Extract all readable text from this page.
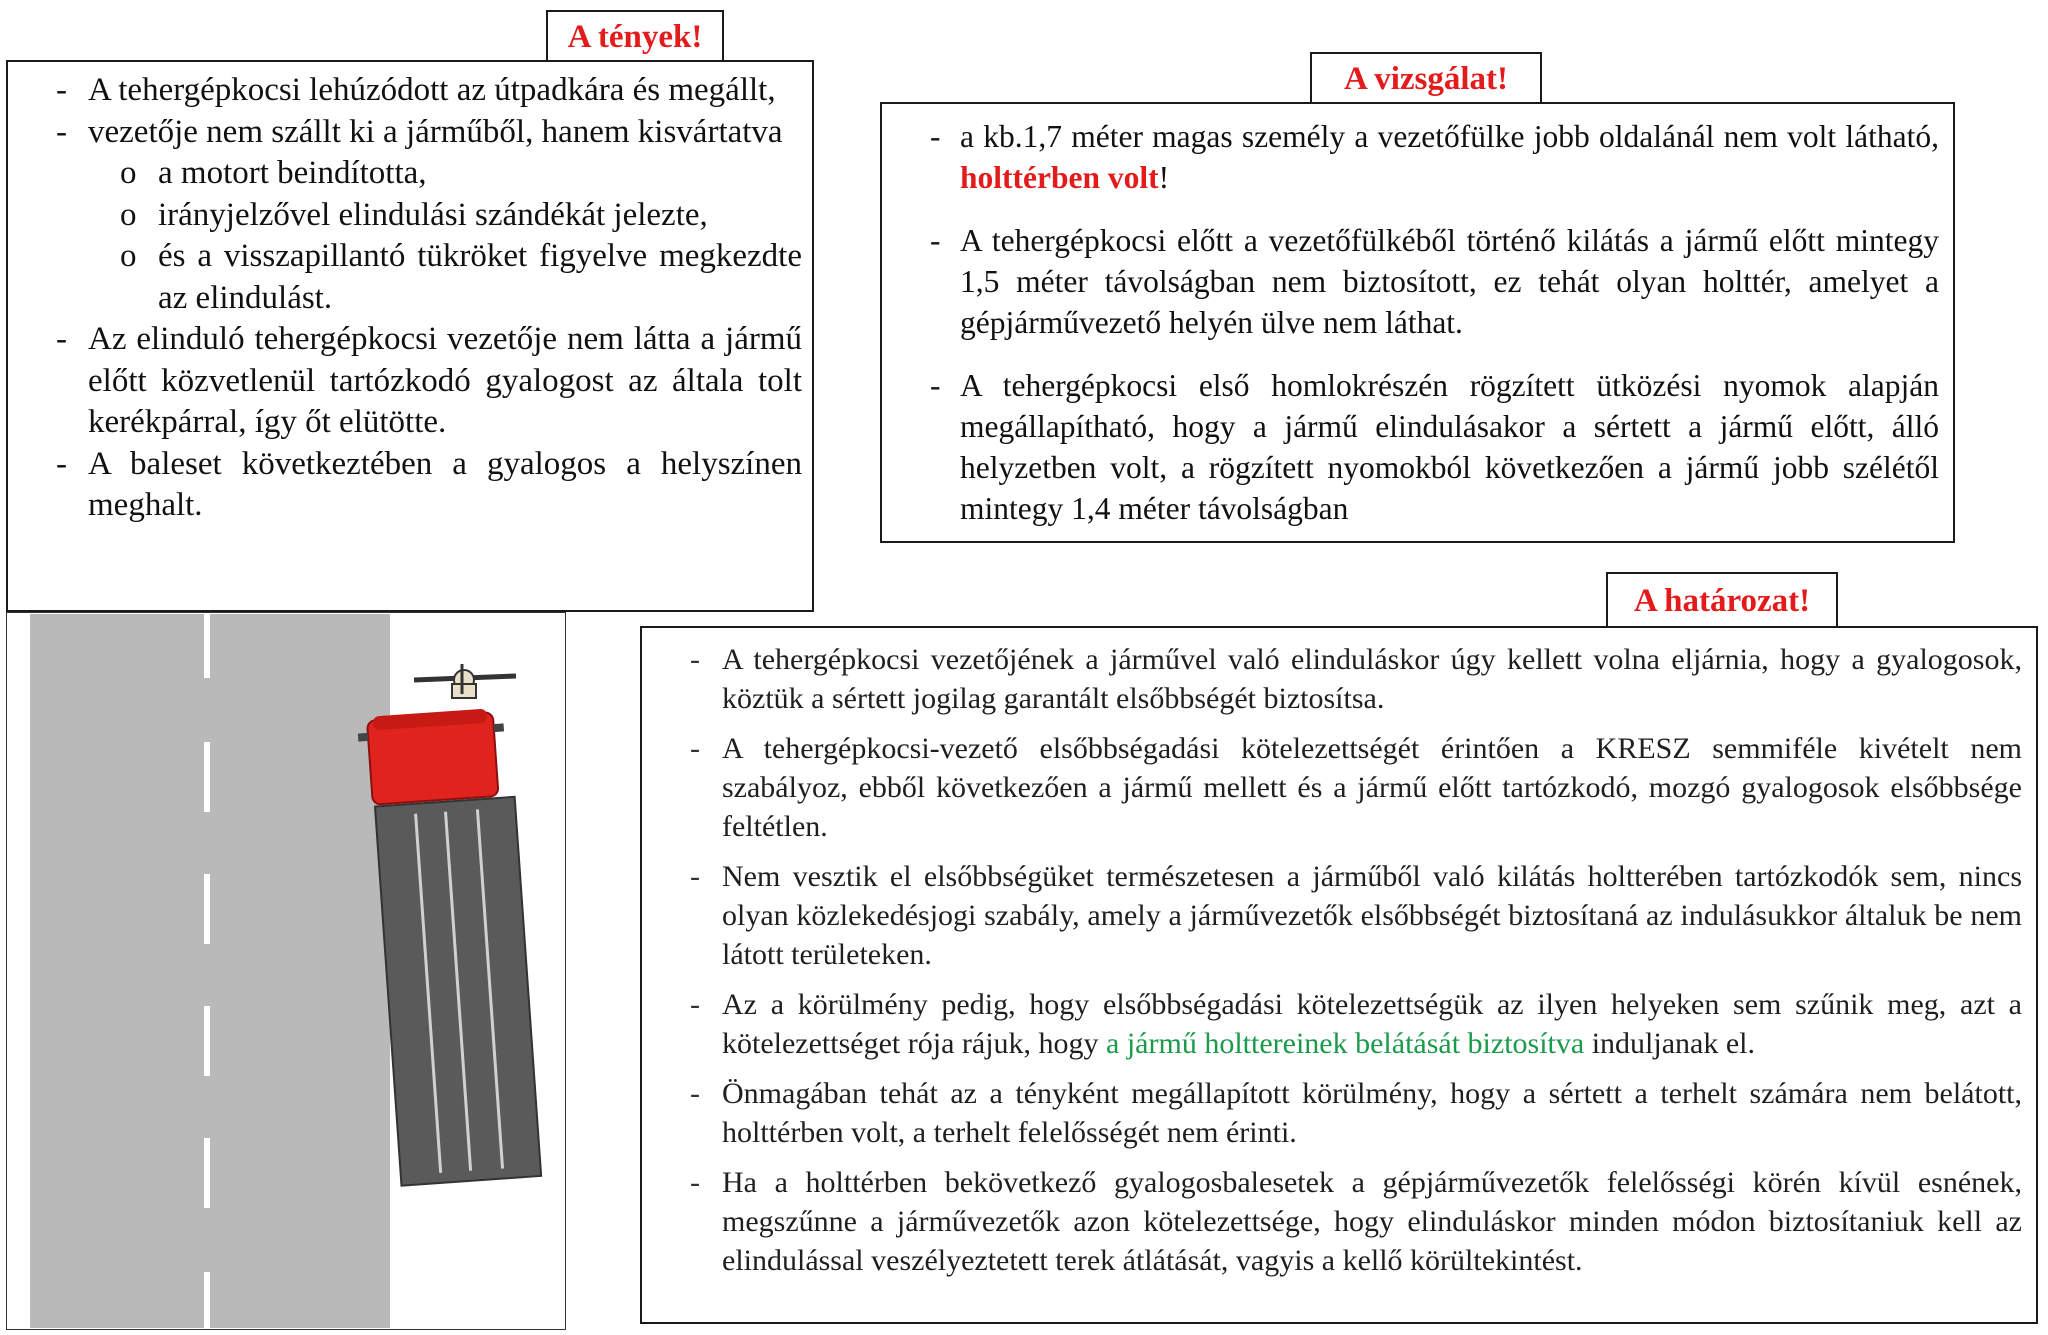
A tények!
A vizsgálat!
A határozat!
- A tehergépkocsi lehúzódott az útpadkára és megállt,
- vezetője nem szállt ki a járműből, hanem kisvártatva
o a motort beindította,
o irányjelzővel elindulási szándékát jelezte,
o és a visszapillantó tükröket figyelve megkezdte az elindulást.
- Az elinduló tehergépkocsi vezetője nem látta a jármű előtt közvetlenül tartózkodó gyalogost az általa tolt kerékpárral, így őt elütötte.
- A baleset következtében a gyalogos a helyszínen meghalt.
- a kb.1,7 méter magas személy a vezetőfülke jobb oldalánál nem volt látható, holttérben volt!
- A tehergépkocsi előtt a vezetőfülkéből történő kilátás a jármű előtt mintegy 1,5 méter távolságban nem biztosított, ez tehát olyan holttér, amelyet a gépjárművezető helyén ülve nem láthat.
- A tehergépkocsi első homlokrészén rögzített ütközési nyomok alapján megállapítható, hogy a jármű elindulásakor a sértett a jármű előtt, álló helyzetben volt, a rögzített nyomokból következően a jármű jobb szélétől mintegy 1,4 méter távolságban
- A tehergépkocsi vezetőjének a járművel való elinduláskor úgy kellett volna eljárnia, hogy a gyalogosok, köztük a sértett jogilag garantált elsőbbségét biztosítsa.
- A tehergépkocsi-vezető elsőbbségadási kötelezettségét érintően a KRESZ semmiféle kivételt nem szabályoz, ebből következően a jármű mellett és a jármű előtt tartózkodó, mozgó gyalogosok elsőbbsége feltétlen.
- Nem vesztik el elsőbbségüket természetesen a járműből való kilátás holtterében tartózkodók sem, nincs olyan közlekedésjogi szabály, amely a járművezetők elsőbbségét biztosítaná az indulásukkor általuk be nem látott területeken.
- Az a körülmény pedig, hogy elsőbbségadási kötelezettségük az ilyen helyeken sem szűnik meg, azt a kötelezettséget rója rájuk, hogy a jármű holttereinek belátását biztosítva induljanak el.
- Önmagában tehát az a tényként megállapított körülmény, hogy a sértett a terhelt számára nem belátott, holttérben volt, a terhelt felelősségét nem érinti.
- Ha a holttérben bekövetkező gyalogosbalesetek a gépjárművezetők felelősségi körén kívül esnének, megszűnne a járművezetők azon kötelezettsége, hogy elinduláskor minden módon biztosítaniuk kell az elindulással veszélyeztetett terek átlátását, vagyis a kellő körültekintést.
